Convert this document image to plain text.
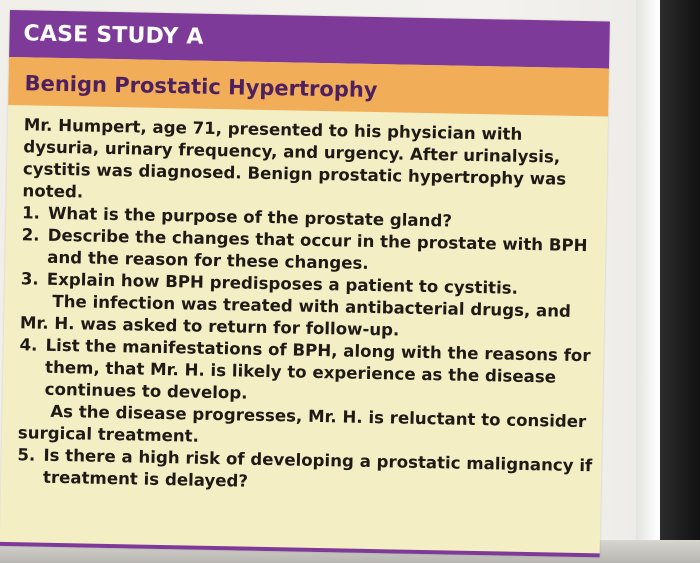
CASE STUDY A
Benign Prostatic Hypertrophy

Mr. Humpert, age 71, presented to his physician with dysuria, urinary frequency, and urgency. After urinalysis, cystitis was diagnosed. Benign prostatic hypertrophy was noted.

1. What is the purpose of the prostate gland?
2. Describe the changes that occur in the prostate with BPH and the reason for these changes.
3. Explain how BPH predisposes a patient to cystitis.

The infection was treated with antibacterial drugs, and Mr. H. was asked to return for follow-up.

4. List the manifestations of BPH, along with the reasons for them, that Mr. H. is likely to experience as the disease continues to develop.

As the disease progresses, Mr. H. is reluctant to consider surgical treatment.

5. Is there a high risk of developing a prostatic malignancy if treatment is delayed?
